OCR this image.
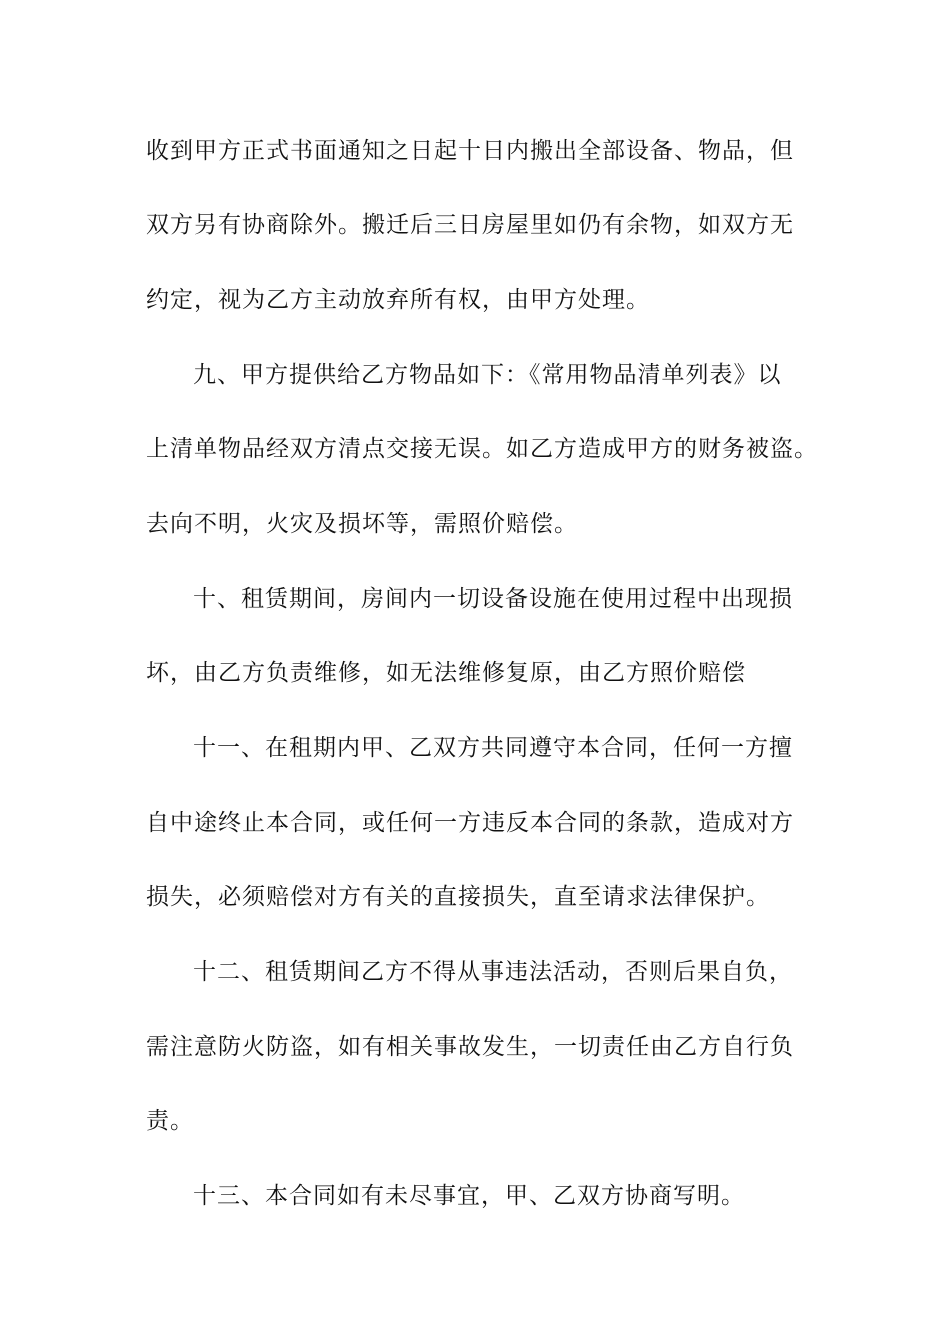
收到甲方正式书面通知之日起十日内搬出全部设备、物品，但
双方另有协商除外。搬迁后三日房屋里如仍有余物，如双方无
约定，视为乙方主动放弃所有权，由甲方处理。
九、甲方提供给乙方物品如下：《常用物品清单列表》以
上清单物品经双方清点交接无误。如乙方造成甲方的财务被盗。
去向不明，火灾及损坏等，需照价赔偿。
十、租赁期间，房间内一切设备设施在使用过程中出现损
坏，由乙方负责维修，如无法维修复原，由乙方照价赔偿
十一、在租期内甲、乙双方共同遵守本合同，任何一方擅
自中途终止本合同，或任何一方违反本合同的条款，造成对方
损失，必须赔偿对方有关的直接损失，直至请求法律保护。
十二、租赁期间乙方不得从事违法活动，否则后果自负，
需注意防火防盗，如有相关事故发生，一切责任由乙方自行负
责。
十三、本合同如有未尽事宜，甲、乙双方协商写明。
